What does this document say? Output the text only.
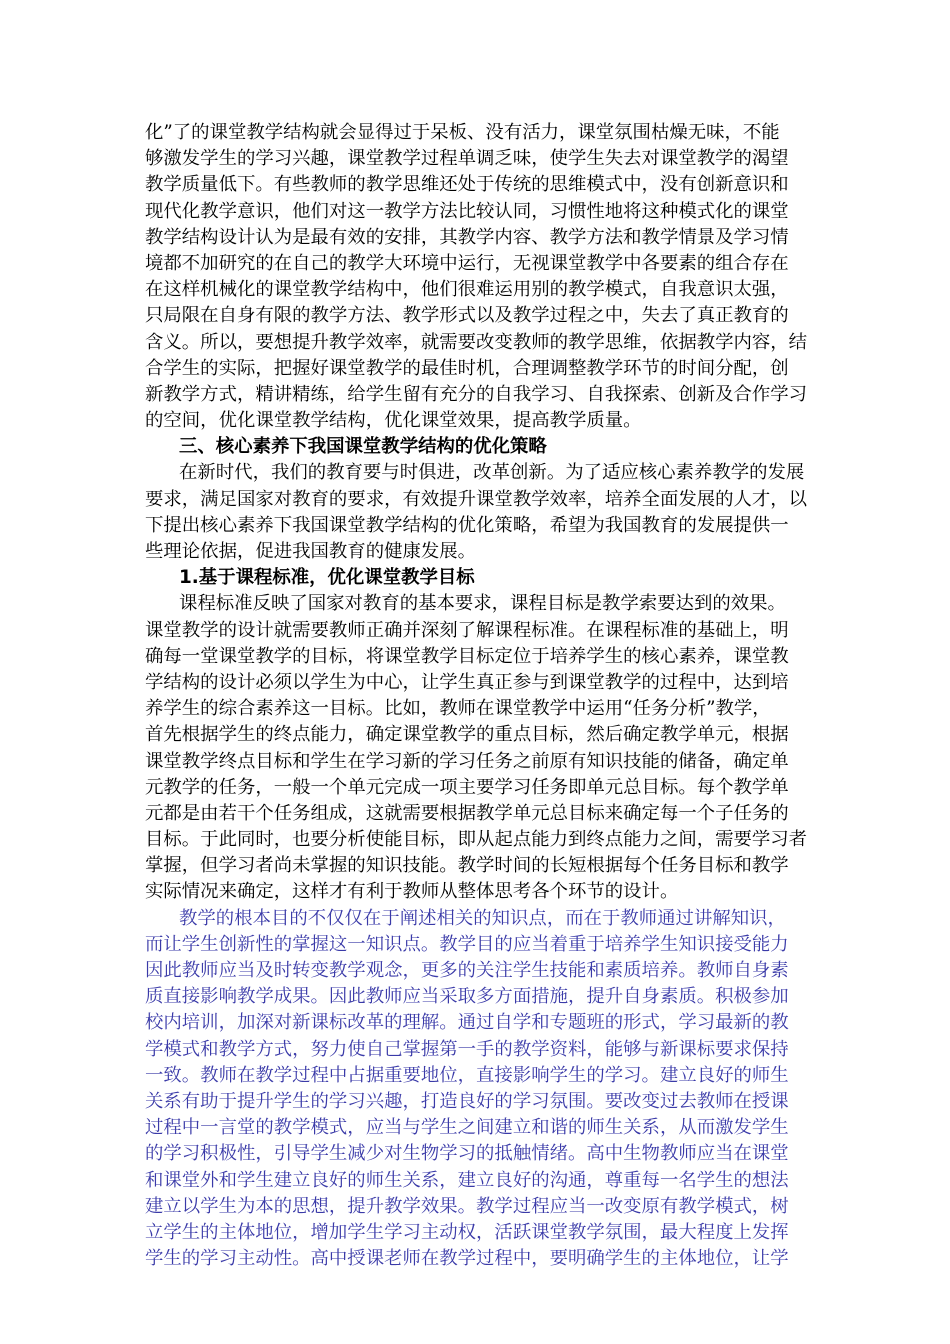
化”了的课堂教学结构就会显得过于呆板、没有活力，课堂氛围枯燥无味，不能
够激发学生的学习兴趣，课堂教学过程单调乏味，使学生失去对课堂教学的渴望
教学质量低下。有些教师的教学思维还处于传统的思维模式中，没有创新意识和
现代化教学意识，他们对这一教学方法比较认同，习惯性地将这种模式化的课堂
教学结构设计认为是最有效的安排，其教学内容、教学方法和教学情景及学习情
境都不加研究的在自己的教学大环境中运行，无视课堂教学中各要素的组合存在
在这样机械化的课堂教学结构中，他们很难运用别的教学模式，自我意识太强，
只局限在自身有限的教学方法、教学形式以及教学过程之中，失去了真正教育的
含义。所以，要想提升教学效率，就需要改变教师的教学思维，依据教学内容，结
合学生的实际，把握好课堂教学的最佳时机，合理调整教学环节的时间分配，创
新教学方式，精讲精练，给学生留有充分的自我学习、自我探索、创新及合作学习
的空间，优化课堂教学结构，优化课堂效果，提高教学质量。
三、核心素养下我国课堂教学结构的优化策略
在新时代，我们的教育要与时俱进，改革创新。为了适应核心素养教学的发展
要求，满足国家对教育的要求，有效提升课堂教学效率，培养全面发展的人才，以
下提出核心素养下我国课堂教学结构的优化策略，希望为我国教育的发展提供一
些理论依据，促进我国教育的健康发展。
1.基于课程标准，优化课堂教学目标
课程标准反映了国家对教育的基本要求，课程目标是教学索要达到的效果。
课堂教学的设计就需要教师正确并深刻了解课程标准。在课程标准的基础上，明
确每一堂课堂教学的目标，将课堂教学目标定位于培养学生的核心素养，课堂教
学结构的设计必须以学生为中心，让学生真正参与到课堂教学的过程中，达到培
养学生的综合素养这一目标。比如，教师在课堂教学中运用“任务分析”教学，
首先根据学生的终点能力，确定课堂教学的重点目标，然后确定教学单元，根据
课堂教学终点目标和学生在学习新的学习任务之前原有知识技能的储备，确定单
元教学的任务，一般一个单元完成一项主要学习任务即单元总目标。每个教学单
元都是由若干个任务组成，这就需要根据教学单元总目标来确定每一个子任务的
目标。于此同时，也要分析使能目标，即从起点能力到终点能力之间，需要学习者
掌握，但学习者尚未掌握的知识技能。教学时间的长短根据每个任务目标和教学
实际情况来确定，这样才有利于教师从整体思考各个环节的设计。
教学的根本目的不仅仅在于阐述相关的知识点，而在于教师通过讲解知识，
而让学生创新性的掌握这一知识点。教学目的应当着重于培养学生知识接受能力
因此教师应当及时转变教学观念，更多的关注学生技能和素质培养。教师自身素
质直接影响教学成果。因此教师应当采取多方面措施，提升自身素质。积极参加
校内培训，加深对新课标改革的理解。通过自学和专题班的形式，学习最新的教
学模式和教学方式，努力使自己掌握第一手的教学资料，能够与新课标要求保持
一致。教师在教学过程中占据重要地位，直接影响学生的学习。建立良好的师生
关系有助于提升学生的学习兴趣，打造良好的学习氛围。要改变过去教师在授课
过程中一言堂的教学模式，应当与学生之间建立和谐的师生关系，从而激发学生
的学习积极性，引导学生减少对生物学习的抵触情绪。高中生物教师应当在课堂
和课堂外和学生建立良好的师生关系，建立良好的沟通，尊重每一名学生的想法
建立以学生为本的思想，提升教学效果。教学过程应当一改变原有教学模式，树
立学生的主体地位，增加学生学习主动权，活跃课堂教学氛围，最大程度上发挥
学生的学习主动性。高中授课老师在教学过程中，要明确学生的主体地位，让学
